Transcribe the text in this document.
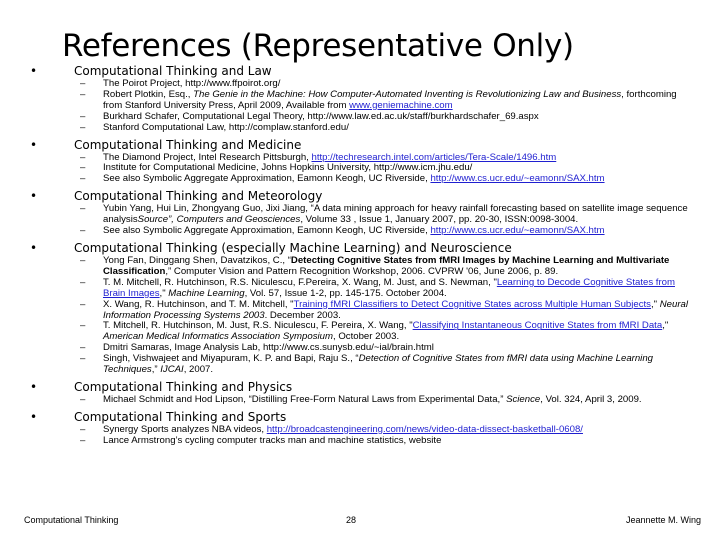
References (Representative Only)
•	Computational Thinking and Law
– The Poirot Project, http://www.ffpoirot.org/
– Robert Plotkin, Esq., The Genie in the Machine: How Computer-Automated Inventing is Revolutionizing Law and Business, forthcoming from Stanford University Press, April 2009, Available from www.geniemachine.com
– Burkhard Schafer, Computational Legal Theory, http://www.law.ed.ac.uk/staff/burkhardschafer_69.aspx
– Stanford Computational Law, http://complaw.stanford.edu/
•	Computational Thinking and Medicine
– The Diamond Project, Intel Research Pittsburgh, http://techresearch.intel.com/articles/Tera-Scale/1496.htm
– Institute for Computational Medicine, Johns Hopkins University, http://www.icm.jhu.edu/
– See also Symbolic Aggregate Approximation, Eamonn Keogh, UC Riverside, http://www.cs.ucr.edu/~eamonn/SAX.htm
•	Computational Thinking and Meteorology
– Yubin Yang, Hui Lin, Zhongyang Guo, Jixi Jiang, “A data mining approach for heavy rainfall forecasting based on satellite image sequence analysisSource”, Computers and Geosciences, Volume 33 , Issue 1, January 2007, pp. 20-30, ISSN:0098-3004.
– See also Symbolic Aggregate Approximation, Eamonn Keogh, UC Riverside, http://www.cs.ucr.edu/~eamonn/SAX.htm
•	Computational Thinking (especially Machine Learning) and Neuroscience
– Yong Fan, Dinggang Shen, Davatzikos, C., “Detecting Cognitive States from fMRI Images by Machine Learning and Multivariate Classification,” Computer Vision and Pattern Recognition Workshop, 2006. CVPRW '06, June 2006, p. 89.
– T. M. Mitchell, R. Hutchinson, R.S. Niculescu, F.Pereira, X. Wang, M. Just, and S. Newman, "Learning to Decode Cognitive States from Brain Images," Machine Learning, Vol. 57, Issue 1-2, pp. 145-175. October 2004.
– X. Wang, R. Hutchinson, and T. M. Mitchell, "Training fMRI Classifiers to Detect Cognitive States across Multiple Human Subjects," Neural Information Processing Systems 2003. December 2003.
– T. Mitchell, R. Hutchinson, M. Just, R.S. Niculescu, F. Pereira, X. Wang, "Classifying Instantaneous Cognitive States from fMRI Data," American Medical Informatics Association Symposium, October 2003.
– Dmitri Samaras, Image Analysis Lab, http://www.cs.sunysb.edu/~ial/brain.html
– Singh, Vishwajeet and Miyapuram, K. P. and Bapi, Raju S., “Detection of Cognitive States from fMRI data using Machine Learning Techniques,” IJCAI, 2007.
•	Computational Thinking and Physics
– Michael Schmidt and Hod Lipson, “Distilling Free-Form Natural Laws from Experimental Data,” Science, Vol. 324, April 3, 2009.
•	Computational Thinking and Sports
– Synergy Sports analyzes NBA videos, http://broadcastengineering.com/news/video-data-dissect-basketball-0608/
– Lance Armstrong’s cycling computer tracks man and machine statistics, website
Computational Thinking	28	Jeannette M. Wing
